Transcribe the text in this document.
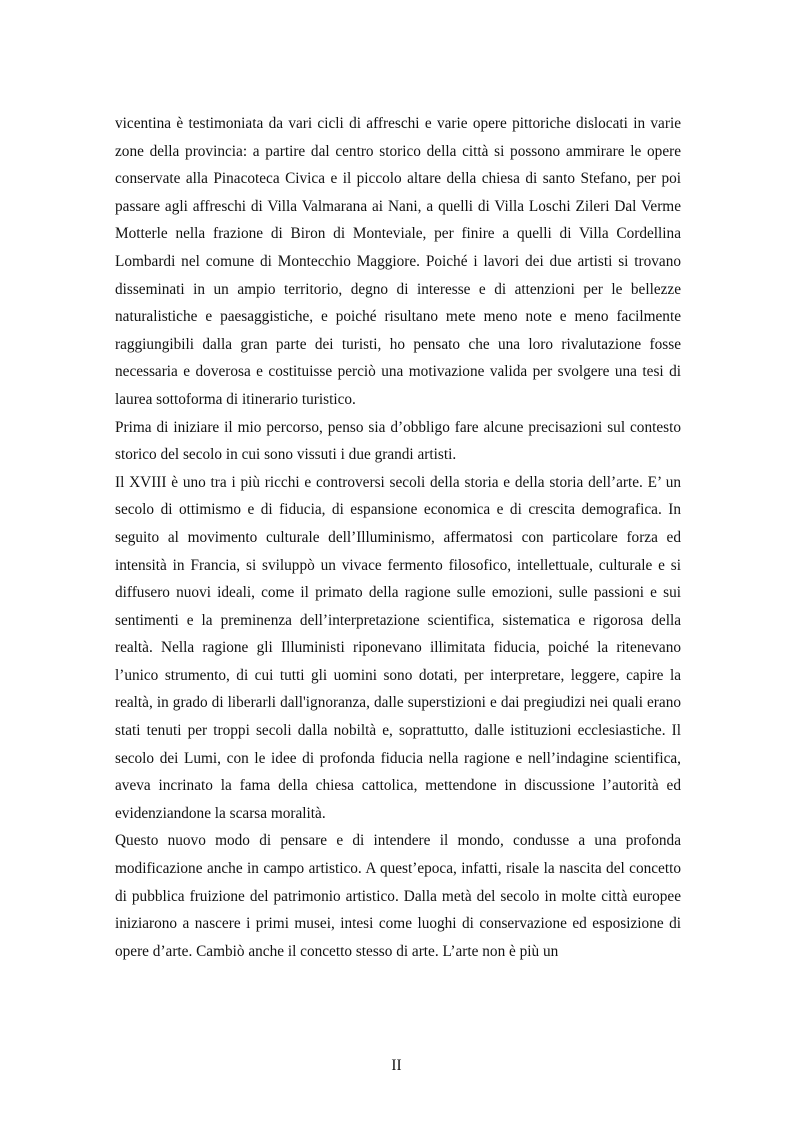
vicentina è testimoniata da vari cicli di affreschi e varie opere pittoriche dislocati in varie zone della provincia: a partire dal centro storico della città si possono ammirare le opere conservate alla Pinacoteca Civica e il piccolo altare della chiesa di santo Stefano, per poi passare agli affreschi di Villa Valmarana ai Nani, a quelli di Villa Loschi Zileri Dal Verme Motterle nella frazione di Biron di Monteviale, per finire a quelli di Villa Cordellina Lombardi nel comune di Montecchio Maggiore. Poiché i lavori dei due artisti si trovano disseminati in un ampio territorio, degno di interesse e di attenzioni per le bellezze naturalistiche e paesaggistiche, e poiché risultano mete meno note e meno facilmente raggiungibili dalla gran parte dei turisti, ho pensato che una loro rivalutazione fosse necessaria e doverosa e costituisse perciò una motivazione valida per svolgere una tesi di laurea sottoforma di itinerario turistico.

Prima di iniziare il mio percorso, penso sia d’obbligo fare alcune precisazioni sul contesto storico del secolo in cui sono vissuti i due grandi artisti.

Il XVIII è uno tra i più ricchi e controversi secoli della storia e della storia dell’arte. E’ un secolo di ottimismo e di fiducia, di espansione economica e di crescita demografica. In seguito al movimento culturale dell’Illuminismo, affermatosi con particolare forza ed intensità in Francia, si sviluppò un vivace fermento filosofico, intellettuale, culturale e si diffusero nuovi ideali, come il primato della ragione sulle emozioni, sulle passioni e sui sentimenti e la preminenza dell’interpretazione scientifica, sistematica e rigorosa della realtà. Nella ragione gli Illuministi riponevano illimitata fiducia, poiché la ritenevano l’unico strumento, di cui tutti gli uomini sono dotati, per interpretare, leggere, capire la realtà, in grado di liberarli dall'ignoranza, dalle superstizioni e dai pregiudizi nei quali erano stati tenuti per troppi secoli dalla nobiltà e, soprattutto, dalle istituzioni ecclesiastiche. Il secolo dei Lumi, con le idee di profonda fiducia nella ragione e nell’indagine scientifica, aveva incrinato la fama della chiesa cattolica, mettendone in discussione l’autorità ed evidenziandone la scarsa moralità.

Questo nuovo modo di pensare e di intendere il mondo, condusse a una profonda modificazione anche in campo artistico. A quest’epoca, infatti, risale la nascita del concetto di pubblica fruizione del patrimonio artistico. Dalla metà del secolo in molte città europee iniziarono a nascere i primi musei, intesi come luoghi di conservazione ed esposizione di opere d’arte. Cambiò anche il concetto stesso di arte. L’arte non è più un

II
